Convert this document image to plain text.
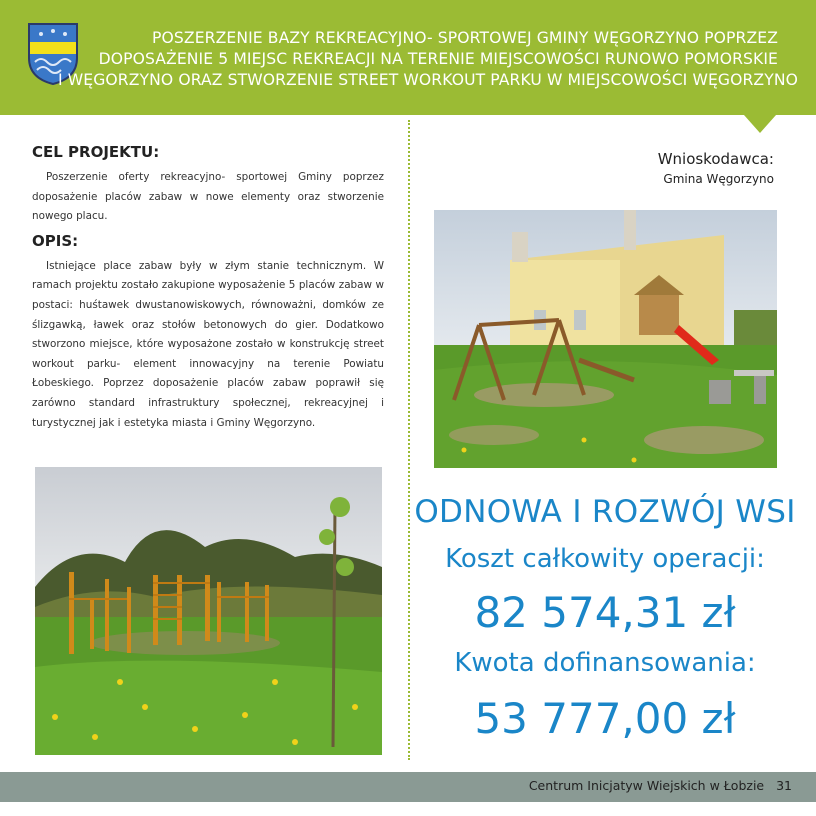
POSZERZENIE BAZY REKREACYJNO- SPORTOWEJ GMINY WĘGORZYNO POPRZEZ
DOPOSAŻENIE 5 MIEJSC REKREACJI NA TERENIE MIEJSCOWOŚCI RUNOWO POMORSKIE
I WĘGORZYNO ORAZ STWORZENIE STREET WORKOUT PARKU W MIEJSCOWOŚCI WĘGORZYNO
CEL PROJEKTU:

Poszerzenie oferty rekreacyjno- sportowej Gminy poprzez doposażenie placów zabaw w nowe elementy oraz stworzenie nowego placu.

OPIS:

Istniejące place zabaw były w złym stanie technicznym. W ramach projektu zostało zakupione wyposażenie 5 placów zabaw w postaci: huśtawek dwustanowiskowych, równoważni, domków ze ślizgawką, ławek oraz stołów betonowych do gier. Dodatkowo stworzono miejsce, które wyposażone zostało w konstrukcję street workout parku- element innowacyjny na terenie Powiatu Łobeskiego. Poprzez doposażenie placów zabaw poprawił się zarówno standard infrastruktury społecznej, rekreacyjnej i turystycznej jak i estetyka miasta i Gminy Węgorzyno.

Wnioskodawca:
Gmina Węgorzyno
ODNOWA I ROZWÓJ WSI
Koszt całkowity operacji:
82 574,31 zł
Kwota dofinansowania:
53 777,00 zł
Centrum Inicjatyw Wiejskich w Łobzie 31
